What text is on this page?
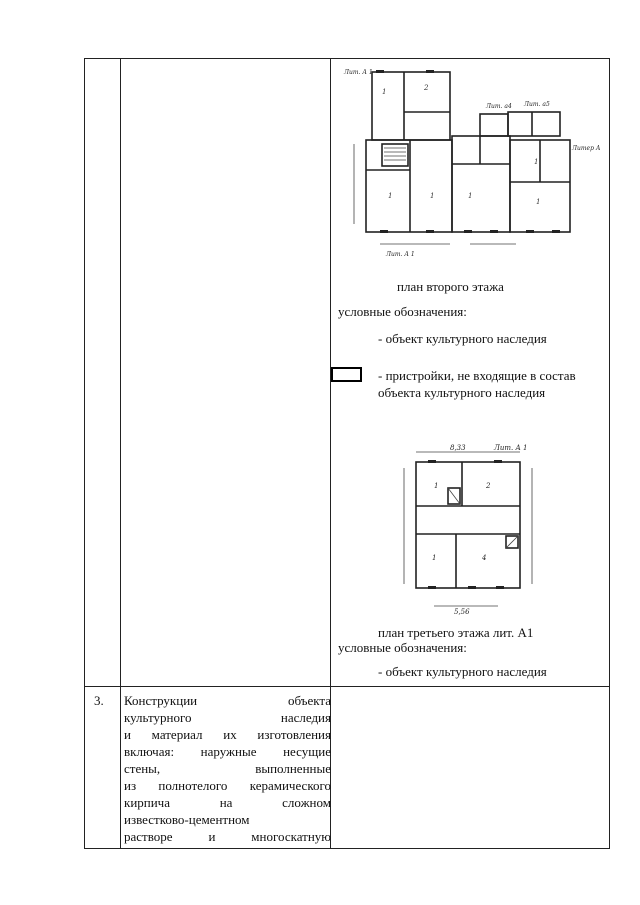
Лит. А 1
Лит. а4 Лит. а5
Литер А
Лит. А 1
1	2
1	1	1
1
1
план второго этажа
условные обозначения:
- объект культурного наследия
- пристройки, не входящие в состав
объекта культурного наследия
8,33	Лит. А 1
5,56
1	2
1	4
план третьего этажа лит. А1
условные обозначения:
- объект культурного наследия
3. Конструкции объекта
культурного наследия
и материал их изготовления
включая: наружные несущие
стены, выполненные
из полнотелого керамического
кирпича на сложном
известково-цементном
растворе и многоскатную
